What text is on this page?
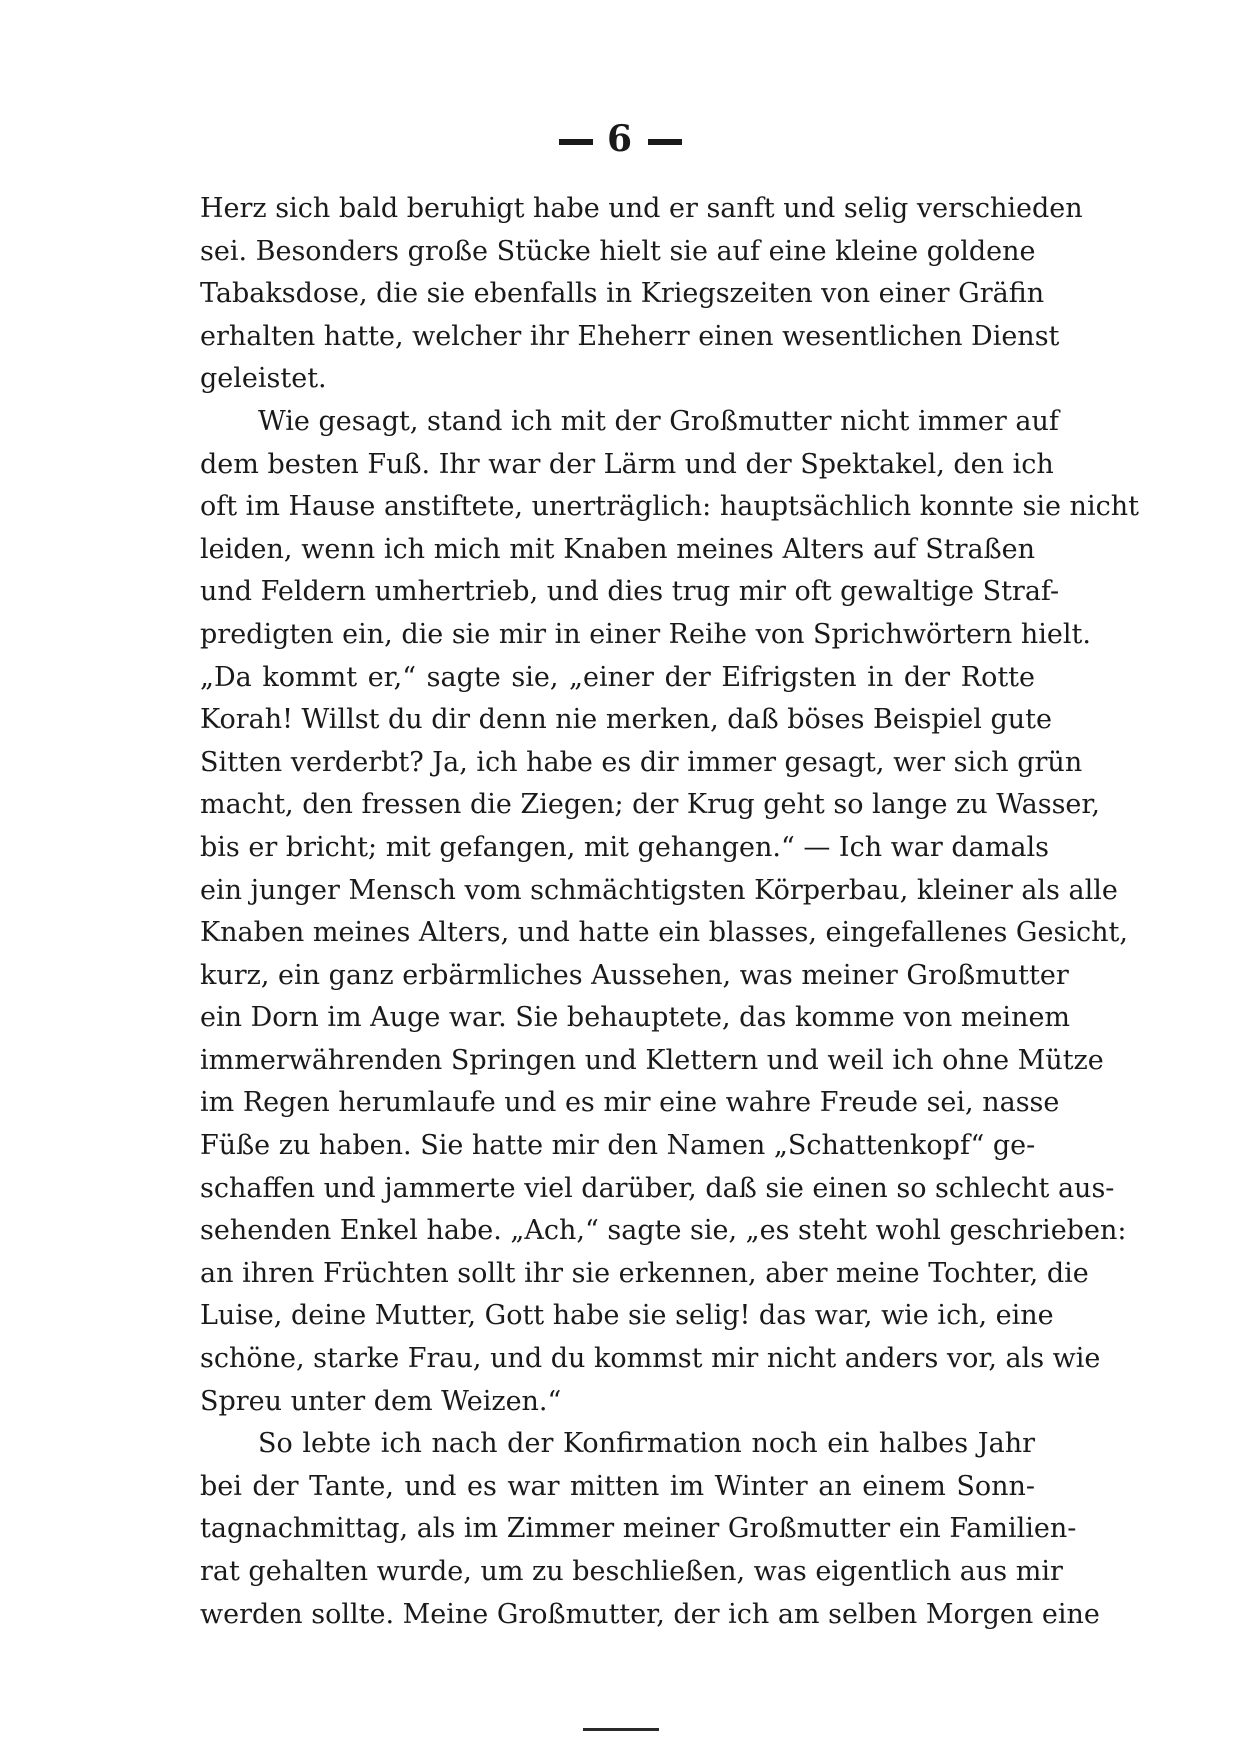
6
Herz sich bald beruhigt habe und er sanft und selig verschieden
sei. Besonders große Stücke hielt sie auf eine kleine goldene
Tabaksdose, die sie ebenfalls in Kriegszeiten von einer Gräfin
erhalten hatte, welcher ihr Eheherr einen wesentlichen Dienst
geleistet.
Wie gesagt, stand ich mit der Großmutter nicht immer auf
dem besten Fuß. Ihr war der Lärm und der Spektakel, den ich
oft im Hause anstiftete, unerträglich: hauptsächlich konnte sie nicht
leiden, wenn ich mich mit Knaben meines Alters auf Straßen
und Feldern umhertrieb, und dies trug mir oft gewaltige Straf-
predigten ein, die sie mir in einer Reihe von Sprichwörtern hielt.
„Da kommt er,“ sagte sie, „einer der Eifrigsten in der Rotte
Korah! Willst du dir denn nie merken, daß böses Beispiel gute
Sitten verderbt? Ja, ich habe es dir immer gesagt, wer sich grün
macht, den fressen die Ziegen; der Krug geht so lange zu Wasser,
bis er bricht; mit gefangen, mit gehangen.“ — Ich war damals
ein junger Mensch vom schmächtigsten Körperbau, kleiner als alle
Knaben meines Alters, und hatte ein blasses, eingefallenes Gesicht,
kurz, ein ganz erbärmliches Aussehen, was meiner Großmutter
ein Dorn im Auge war. Sie behauptete, das komme von meinem
immerwährenden Springen und Klettern und weil ich ohne Mütze
im Regen herumlaufe und es mir eine wahre Freude sei, nasse
Füße zu haben. Sie hatte mir den Namen „Schattenkopf“ ge-
schaffen und jammerte viel darüber, daß sie einen so schlecht aus-
sehenden Enkel habe. „Ach,“ sagte sie, „es steht wohl geschrieben:
an ihren Früchten sollt ihr sie erkennen, aber meine Tochter, die
Luise, deine Mutter, Gott habe sie selig! das war, wie ich, eine
schöne, starke Frau, und du kommst mir nicht anders vor, als wie
Spreu unter dem Weizen.“
So lebte ich nach der Konfirmation noch ein halbes Jahr
bei der Tante, und es war mitten im Winter an einem Sonn-
tagnachmittag, als im Zimmer meiner Großmutter ein Familien-
rat gehalten wurde, um zu beschließen, was eigentlich aus mir
werden sollte. Meine Großmutter, der ich am selben Morgen eine
